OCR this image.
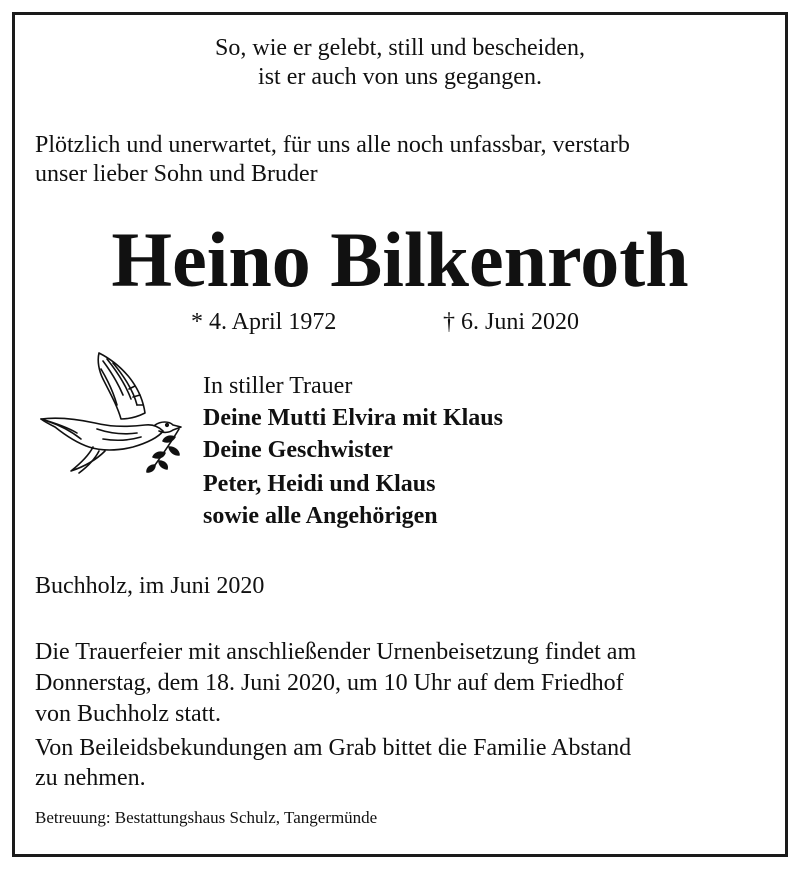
So, wie er gelebt, still und bescheiden,
ist er auch von uns gegangen.
Plötzlich und unerwartet, für uns alle noch unfassbar, verstarb
unser lieber Sohn und Bruder
Heino Bilkenroth
* 4. April 1972	† 6. Juni 2020
In stiller Trauer
Deine Mutti Elvira mit Klaus
Deine Geschwister
Peter, Heidi und Klaus
sowie alle Angehörigen
Buchholz, im Juni 2020
Die Trauerfeier mit anschließender Urnenbeisetzung findet am
Donnerstag, dem 18. Juni 2020, um 10 Uhr auf dem Friedhof
von Buchholz statt.
Von Beileidsbekundungen am Grab bittet die Familie Abstand
zu nehmen.
Betreuung: Bestattungshaus Schulz, Tangermünde
